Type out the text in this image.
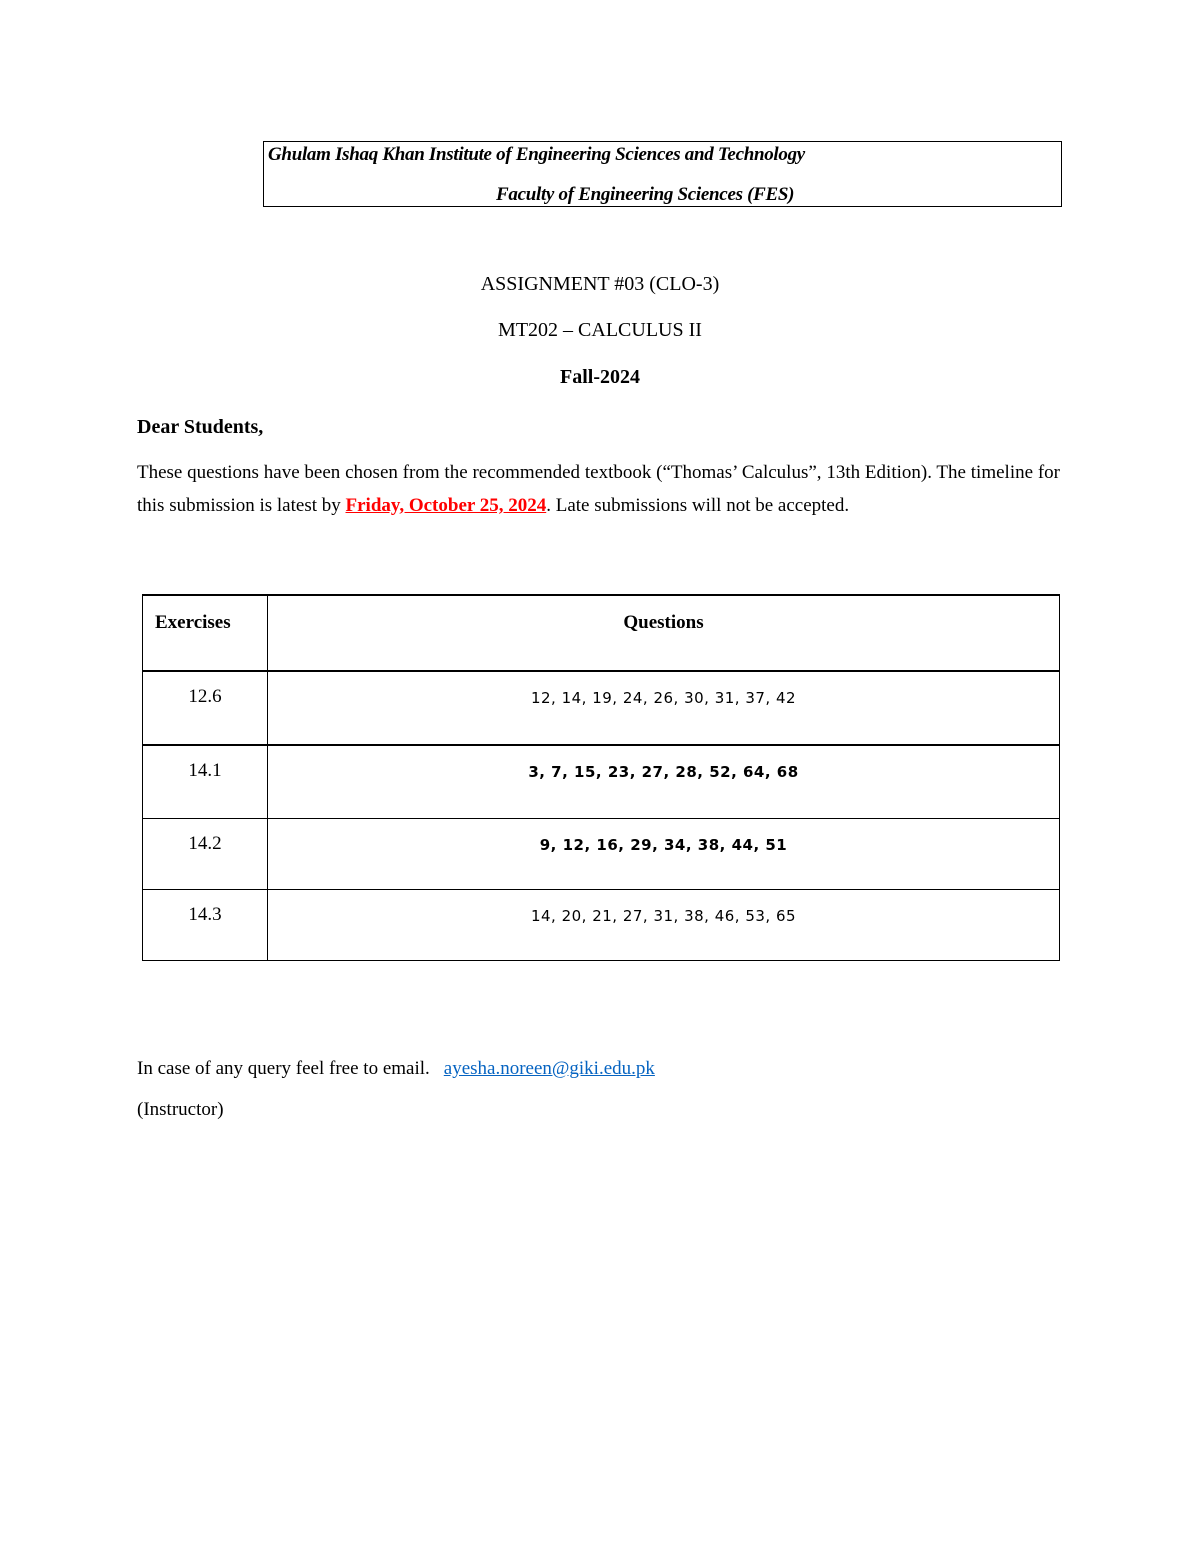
Ghulam Ishaq Khan Institute of Engineering Sciences and Technology
Faculty of Engineering Sciences (FES)
ASSIGNMENT #03 (CLO-3)
MT202 – CALCULUS II
Fall-2024
Dear Students,
These questions have been chosen from the recommended textbook (“Thomas’ Calculus”, 13th Edition). The timeline for this submission is latest by Friday, October 25, 2024. Late submissions will not be accepted.
Exercises	Questions

12.6	12, 14, 19, 24, 26, 30, 31, 37, 42

14.1	3, 7, 15, 23, 27, 28, 52, 64, 68

14.2	9, 12, 16, 29, 34, 38, 44, 51

14.3	14, 20, 21, 27, 31, 38, 46, 53, 65
In case of any query feel free to email. ayesha.noreen@giki.edu.pk
(Instructor)
